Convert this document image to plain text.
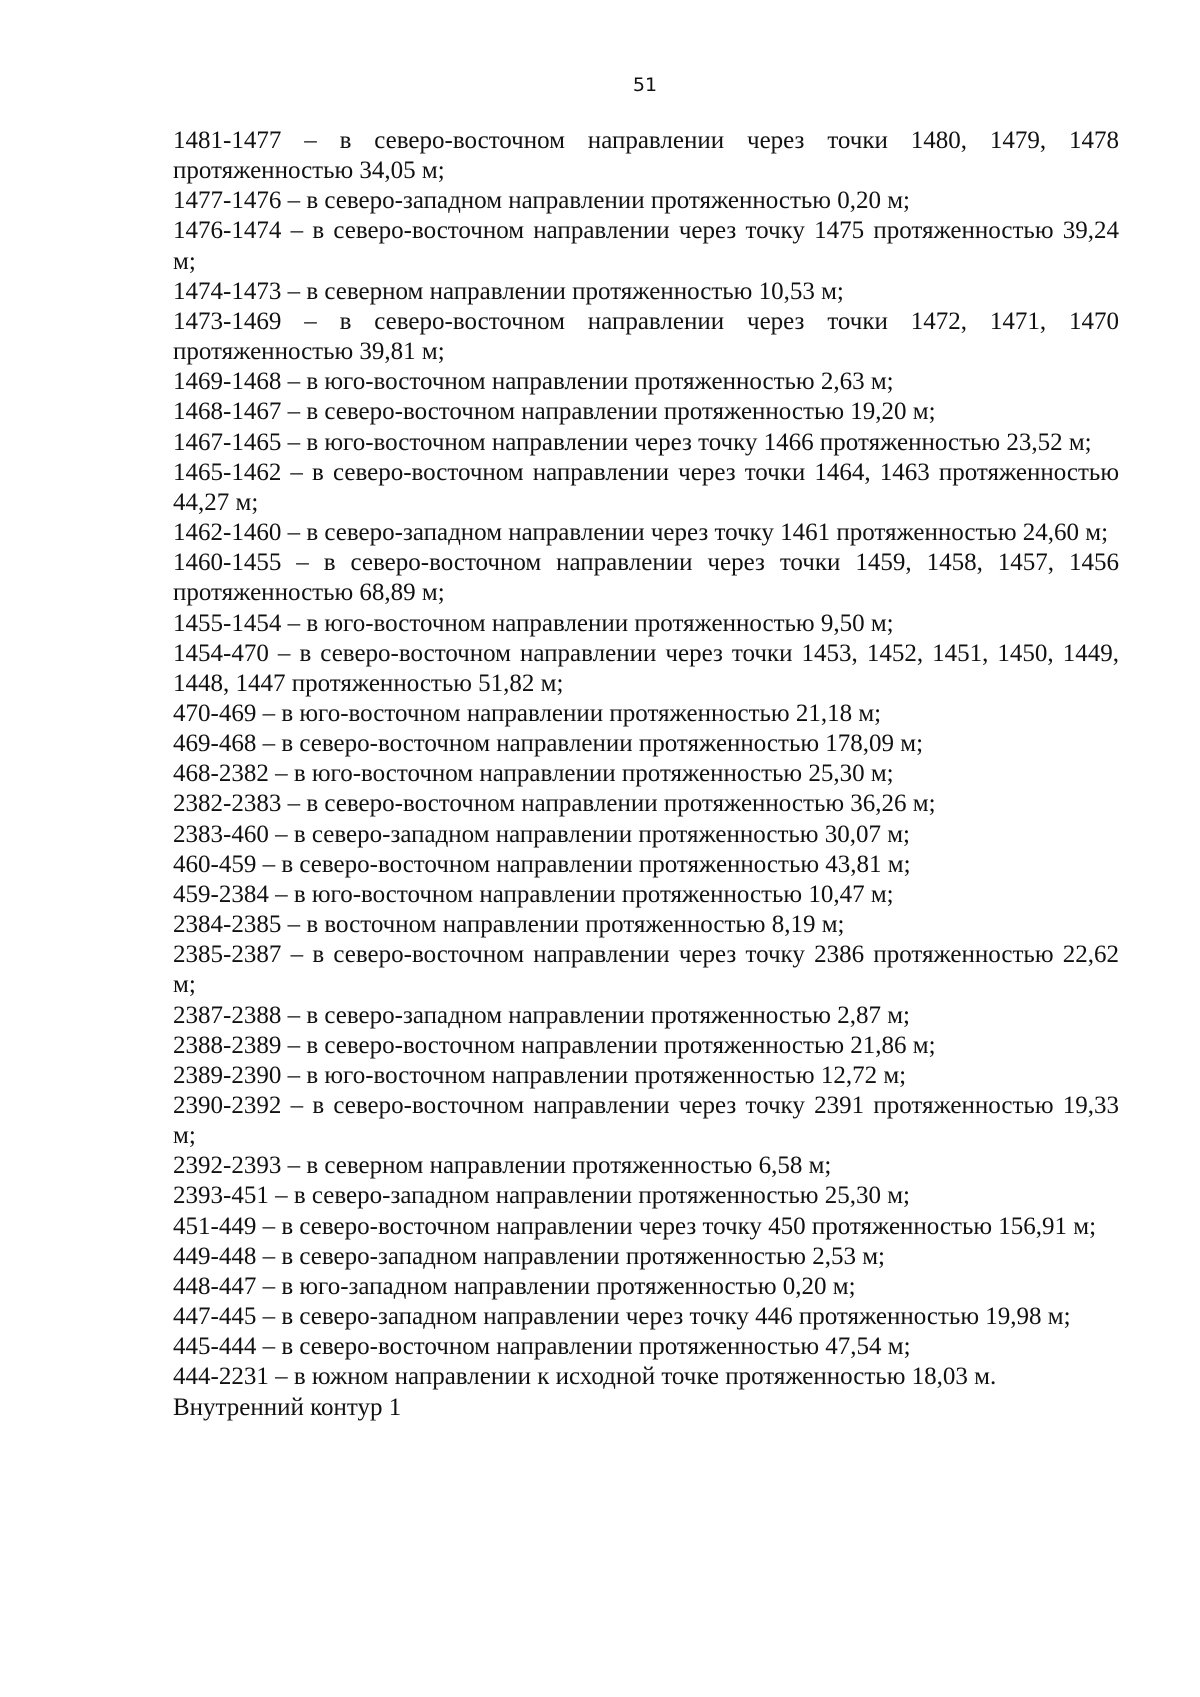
51

1481-1477 – в северо-восточном направлении через точки 1480, 1479, 1478 протяженностью 34,05 м;

1477-1476 – в северо-западном направлении протяженностью 0,20 м;

1476-1474 – в северо-восточном направлении через точку 1475 протяженностью 39,24 м;

1474-1473 – в северном направлении протяженностью 10,53 м;

1473-1469 – в северо-восточном направлении через точки 1472, 1471, 1470 протяженностью 39,81 м;

1469-1468 – в юго-восточном направлении протяженностью 2,63 м;

1468-1467 – в северо-восточном направлении протяженностью 19,20 м;

1467-1465 – в юго-восточном направлении через точку 1466 протяженностью 23,52 м;

1465-1462 – в северо-восточном направлении через точки 1464, 1463 протяженностью 44,27 м;

1462-1460 – в северо-западном направлении через точку 1461 протяженностью 24,60 м;

1460-1455 – в северо-восточном направлении через точки 1459, 1458, 1457, 1456 протяженностью 68,89 м;

1455-1454 – в юго-восточном направлении протяженностью 9,50 м;

1454-470 – в северо-восточном направлении через точки 1453, 1452, 1451, 1450, 1449, 1448, 1447 протяженностью 51,82 м;

470-469 – в юго-восточном направлении протяженностью 21,18 м;

469-468 – в северо-восточном направлении протяженностью 178,09 м;

468-2382 – в юго-восточном направлении протяженностью 25,30 м;

2382-2383 – в северо-восточном направлении протяженностью 36,26 м;

2383-460 – в северо-западном направлении протяженностью 30,07 м;

460-459 – в северо-восточном направлении протяженностью 43,81 м;

459-2384 – в юго-восточном направлении протяженностью 10,47 м;

2384-2385 – в восточном направлении протяженностью 8,19 м;

2385-2387 – в северо-восточном направлении через точку 2386 протяженностью 22,62 м;

2387-2388 – в северо-западном направлении протяженностью 2,87 м;

2388-2389 – в северо-восточном направлении протяженностью 21,86 м;

2389-2390 – в юго-восточном направлении протяженностью 12,72 м;

2390-2392 – в северо-восточном направлении через точку 2391 протяженностью 19,33 м;

2392-2393 – в северном направлении протяженностью 6,58 м;

2393-451 – в северо-западном направлении протяженностью 25,30 м;

451-449 – в северо-восточном направлении через точку 450 протяженностью 156,91 м;

449-448 – в северо-западном направлении протяженностью 2,53 м;

448-447 – в юго-западном направлении протяженностью 0,20 м;

447-445 – в северо-западном направлении через точку 446 протяженностью 19,98 м;

445-444 – в северо-восточном направлении протяженностью 47,54 м;

444-2231 – в южном направлении к исходной точке протяженностью 18,03 м.

Внутренний контур 1
